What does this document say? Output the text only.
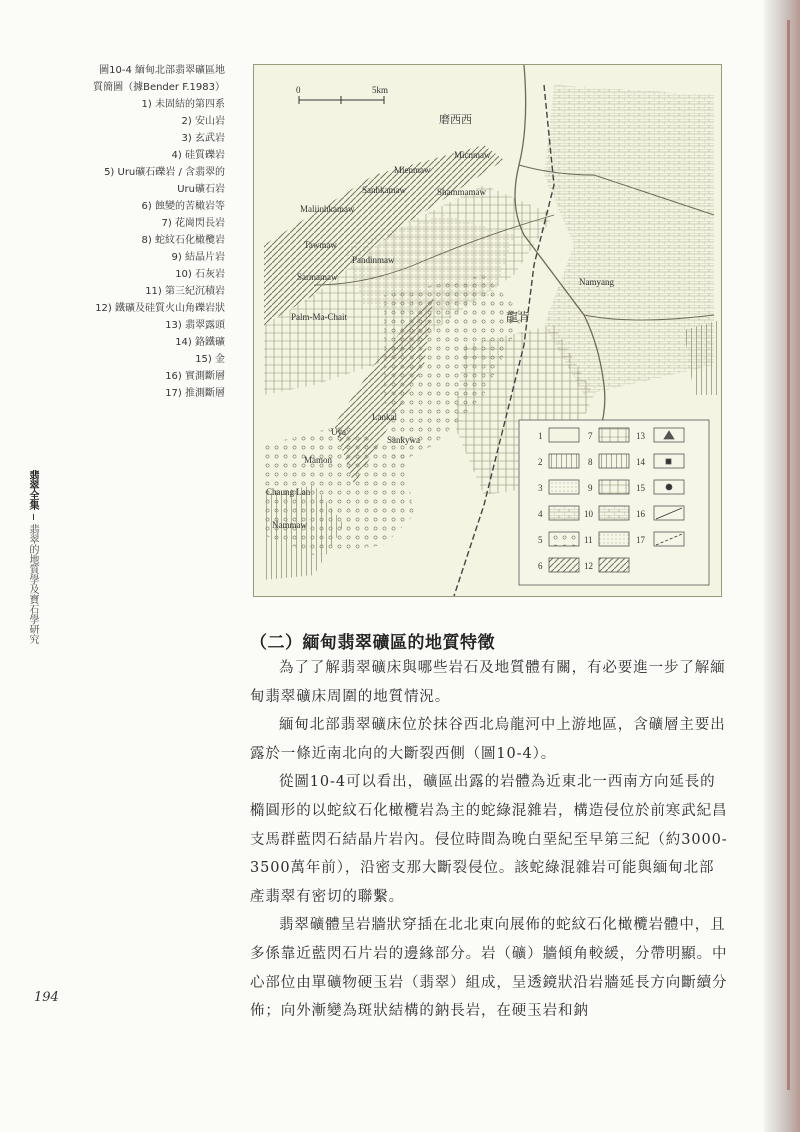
圖10-4 緬甸北部翡翠礦區地
質簡圖（據Bender F.1983）
1) 未固結的第四系
2) 安山岩
3) 玄武岩
4) 硅質礫岩
5) Uru礦石礫岩 / 含翡翠的
Uru礦石岩
6) 蝕變的苦橄岩等
7) 花崗閃長岩
8) 蛇紋石化橄欖岩
9) 結晶片岩
10) 石灰岩
11) 第三紀沉積岩
12) 鐵礦及硅質火山角礫岩狀
13) 翡翠露頭
14) 鉻鐵礦
15) 金
16) 實測斷層
17) 推測斷層
翡翠全集
翡翠的地質學及寶石學研究
1
2
3
4
5
6
7
8
9
10
11
12
13
14
15
16
17
0	5km
磨西西
Mienmaw
Micnmaw
Sanhkamaw	Shammamaw
Maliinhkamaw
Tawmaw
Pandinmaw
Sarmamaw
Palm-Ma-Chait	龍肯
Namyang
Lankal
Uya
Sankywa
Mamon
Chaung Lan
Nammaw
（二）緬甸翡翠礦區的地質特徵

為了了解翡翠礦床與哪些岩石及地質體有關，有必要進一步了解緬甸翡翠礦床周圍的地質情況。

緬甸北部翡翠礦床位於抹谷西北烏龍河中上游地區，含礦層主要出露於一條近南北向的大斷裂西側（圖10-4）。

從圖10-4可以看出，礦區出露的岩體為近東北一西南方向延長的橢圓形的以蛇紋石化橄欖岩為主的蛇綠混雜岩，構造侵位於前寒武紀昌支馬群藍閃石結晶片岩內。侵位時間為晚白堊紀至早第三紀（約3000-3500萬年前），沿密支那大斷裂侵位。該蛇綠混雜岩可能與緬甸北部產翡翠有密切的聯繫。

翡翠礦體呈岩牆狀穿插在北北東向展佈的蛇紋石化橄欖岩體中，且多係靠近藍閃石片岩的邊緣部分。岩（礦）牆傾角較緩，分帶明顯。中心部位由單礦物硬玉岩（翡翠）組成，呈透鏡狀沿岩牆延長方向斷續分佈；向外漸變為斑狀結構的鈉長岩，在硬玉岩和鈉

194
